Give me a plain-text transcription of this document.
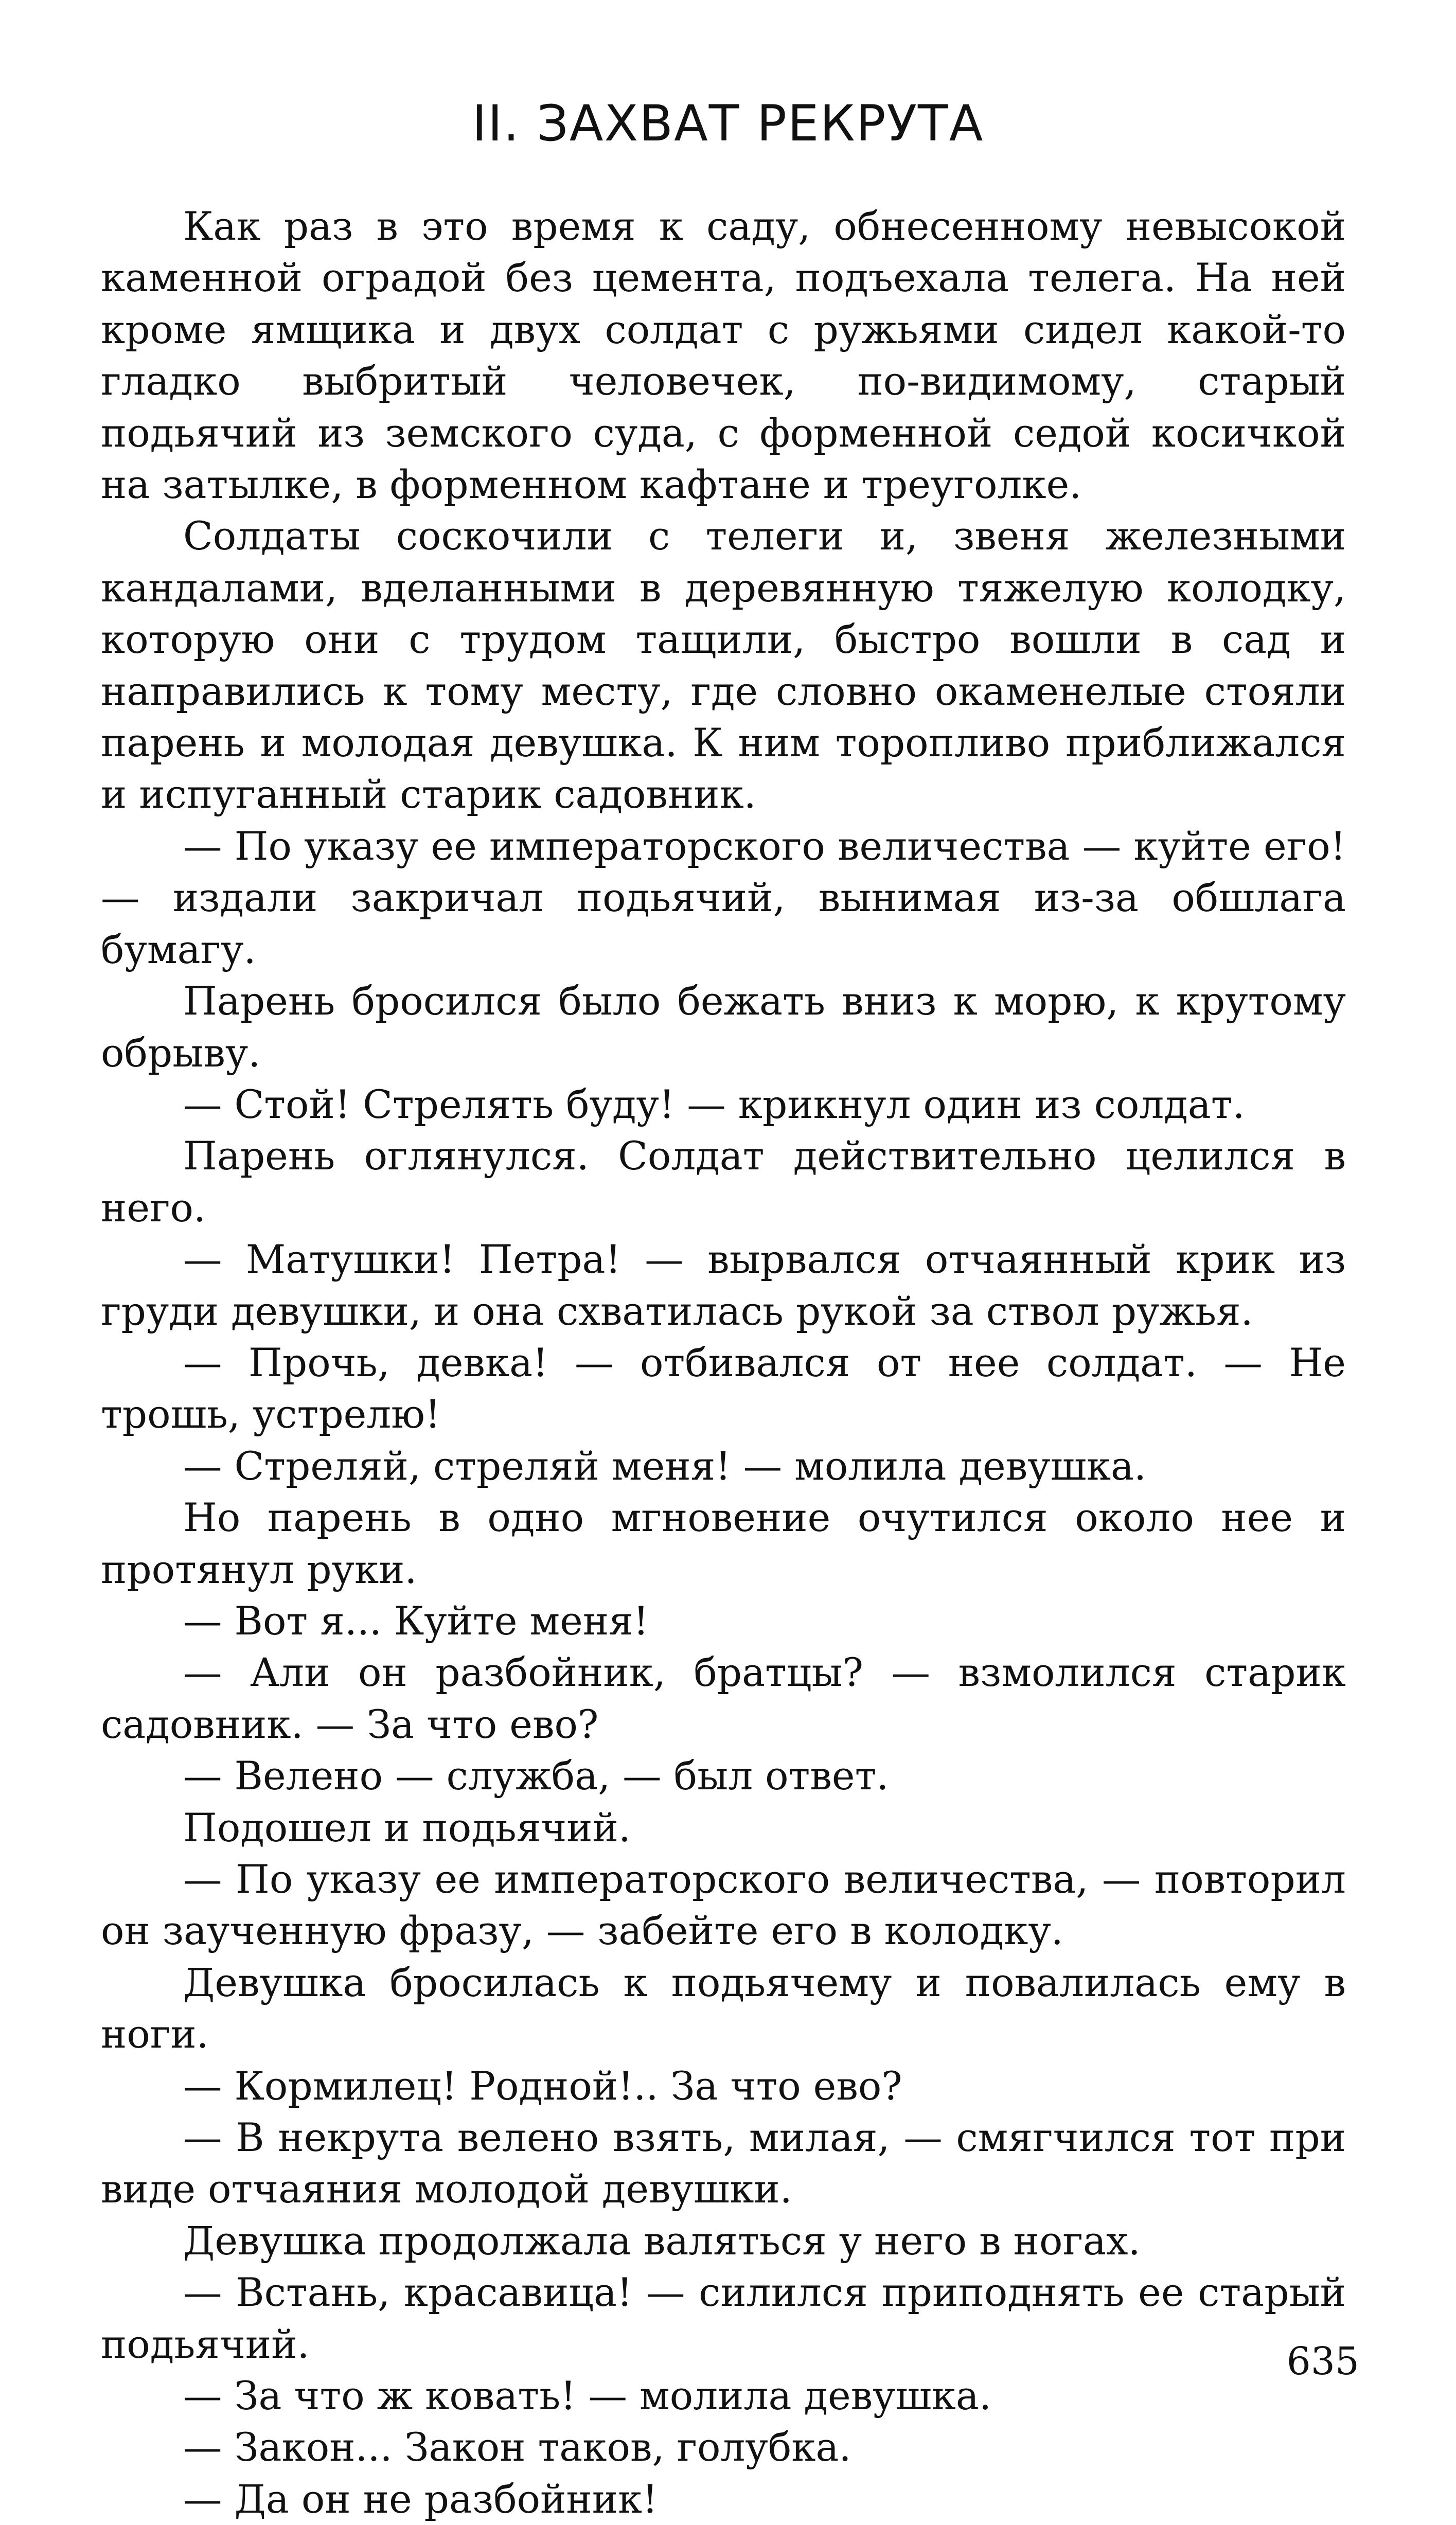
II. ЗАХВАТ РЕКРУТА

Как раз в это время к саду, обнесенному невысокой каменной оградой без цемента, подъехала телега. На ней кроме ямщика и двух солдат с ружьями сидел какой-то гладко выбритый человечек, по-видимому, старый подьячий из земского суда, с форменной седой косичкой на затылке, в форменном кафтане и треуголке.

Солдаты соскочили с телеги и, звеня железными кандалами, вделанными в деревянную тяжелую колодку, которую они с трудом тащили, быстро вошли в сад и направились к тому месту, где словно окаменелые стояли парень и молодая девушка. К ним торопливо приближался и испуганный старик садовник.

— По указу ее императорского величества — куйте его! — издали закричал подьячий, вынимая из-за обшлага бумагу.

Парень бросился было бежать вниз к морю, к крутому обрыву.

— Стой! Стрелять буду! — крикнул один из солдат.

Парень оглянулся. Солдат действительно целился в него.

— Матушки! Петра! — вырвался отчаянный крик из груди девушки, и она схватилась рукой за ствол ружья.

— Прочь, девка! — отбивался от нее солдат. — Не трошь, устрелю!

— Стреляй, стреляй меня! — молила девушка.

Но парень в одно мгновение очутился около нее и протянул руки.

— Вот я... Куйте меня!

— Али он разбойник, братцы? — взмолился старик садовник. — За что ево?

— Велено — служба, — был ответ.

Подошел и подьячий.

— По указу ее императорского величества, — повторил он заученную фразу, — забейте его в колодку.

Девушка бросилась к подьячему и повалилась ему в ноги.

— Кормилец! Родной!.. За что ево?

— В некрута велено взять, милая, — смягчился тот при виде отчаяния молодой девушки.

Девушка продолжала валяться у него в ногах.

— Встань, красавица! — силился приподнять ее старый подьячий.

— За что ж ковать! — молила девушка.

— Закон... Закон таков, голубка.

— Да он не разбойник!

635
